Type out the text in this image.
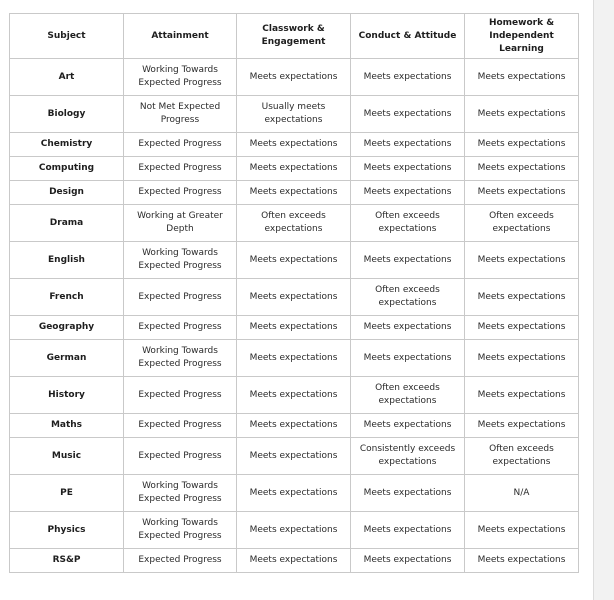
Subject	Attainment	Classwork & Engagement	Conduct & Attitude	Homework & Independent Learning
Art	Working Towards Expected Progress	Meets expectations	Meets expectations	Meets expectations
Biology	Not Met Expected Progress	Usually meets expectations	Meets expectations	Meets expectations
Chemistry	Expected Progress	Meets expectations	Meets expectations	Meets expectations
Computing	Expected Progress	Meets expectations	Meets expectations	Meets expectations
Design	Expected Progress	Meets expectations	Meets expectations	Meets expectations
Drama	Working at Greater Depth	Often exceeds expectations	Often exceeds expectations	Often exceeds expectations
English	Working Towards Expected Progress	Meets expectations	Meets expectations	Meets expectations
French	Expected Progress	Meets expectations	Often exceeds expectations	Meets expectations
Geography	Expected Progress	Meets expectations	Meets expectations	Meets expectations
German	Working Towards Expected Progress	Meets expectations	Meets expectations	Meets expectations
History	Expected Progress	Meets expectations	Often exceeds expectations	Meets expectations
Maths	Expected Progress	Meets expectations	Meets expectations	Meets expectations
Music	Expected Progress	Meets expectations	Consistently exceeds expectations	Often exceeds expectations
PE	Working Towards Expected Progress	Meets expectations	Meets expectations	N/A
Physics	Working Towards Expected Progress	Meets expectations	Meets expectations	Meets expectations
RS&P	Expected Progress	Meets expectations	Meets expectations	Meets expectations
